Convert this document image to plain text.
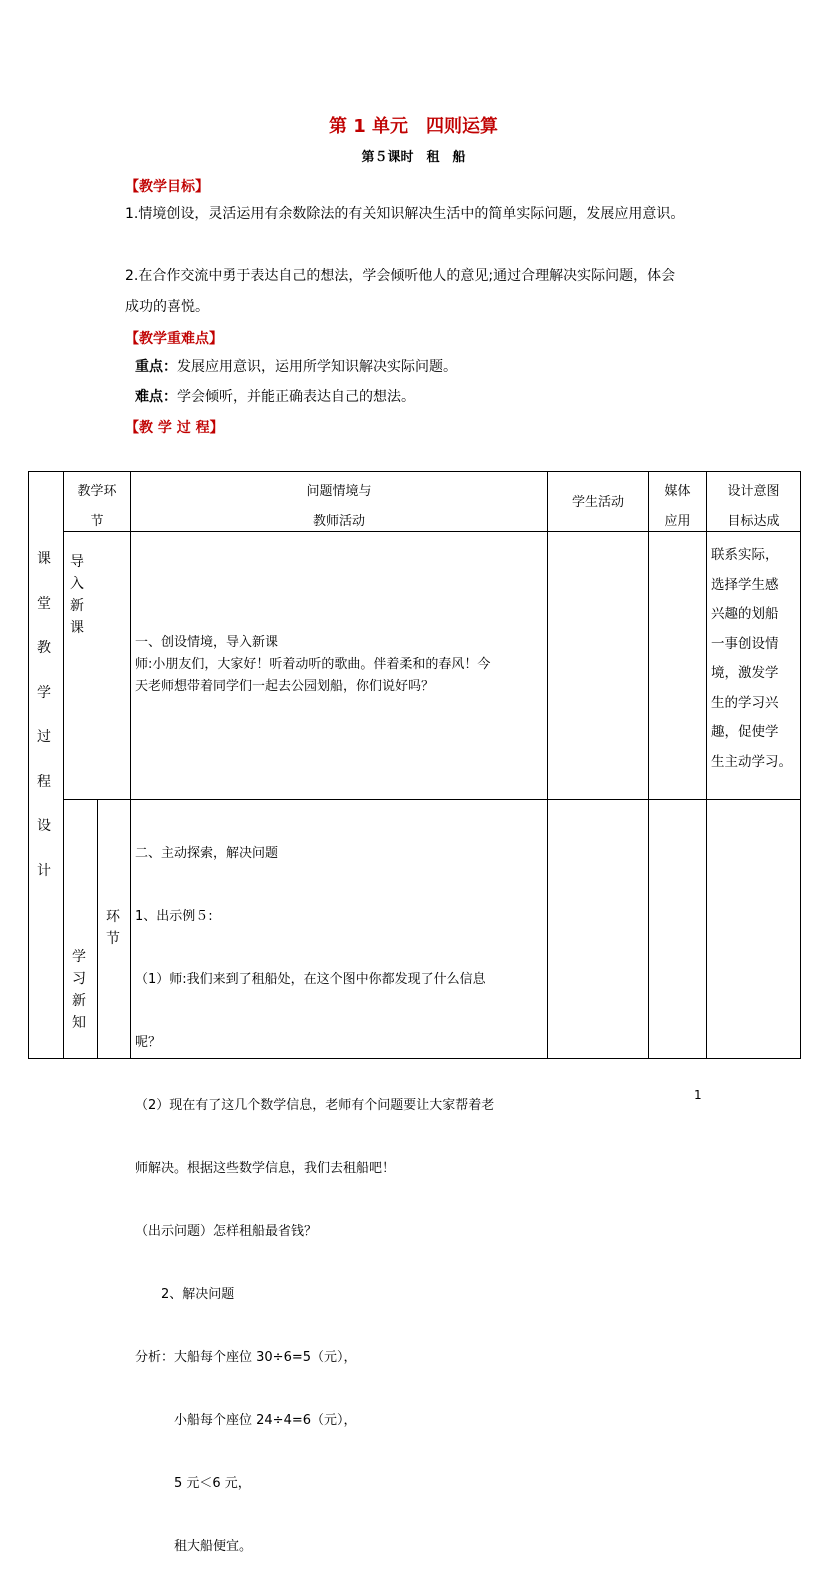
第 1 单元　四则运算
第５课时　租　船
【教学目标】
1.情境创设，灵活运用有余数除法的有关知识解决生活中的简单实际问题，发展应用意识。
2.在合作交流中勇于表达自己的想法，学会倾听他人的意见;通过合理解决实际问题，体会
成功的喜悦。
【教学重难点】
重点：发展应用意识，运用所学知识解决实际问题。
难点：学会倾听，并能正确表达自己的想法。
【教 学 过 程】
课
堂
教
学
过
程
设
计
教学环
节
问题情境与
教师活动
学生活动
媒体
应用
设计意图
目标达成
导
入
新
课
一、创设情境，导入新课
师:小朋友们，大家好！听着动听的歌曲。伴着柔和的春风！今
天老师想带着同学们一起去公园划船，你们说好吗？
联系实际，
选择学生感
兴趣的划船
一事创设情
境，激发学
生的学习兴
趣，促使学
生主动学习。
学
习
新
知
环
节

二、主动探索，解决问题

1、出示例５:

（1）师:我们来到了租船处，在这个图中你都发现了什么信息

呢？

（2）现在有了这几个数学信息，老师有个问题要让大家帮着老

师解决。根据这些数学信息，我们去租船吧！

（出示问题）怎样租船最省钱？

　　2、解决问题

分析：大船每个座位 30÷6=5（元），

　　　小船每个座位 24÷4=6（元），

　　　5 元＜6 元，

　　　租大船便宜。

1
